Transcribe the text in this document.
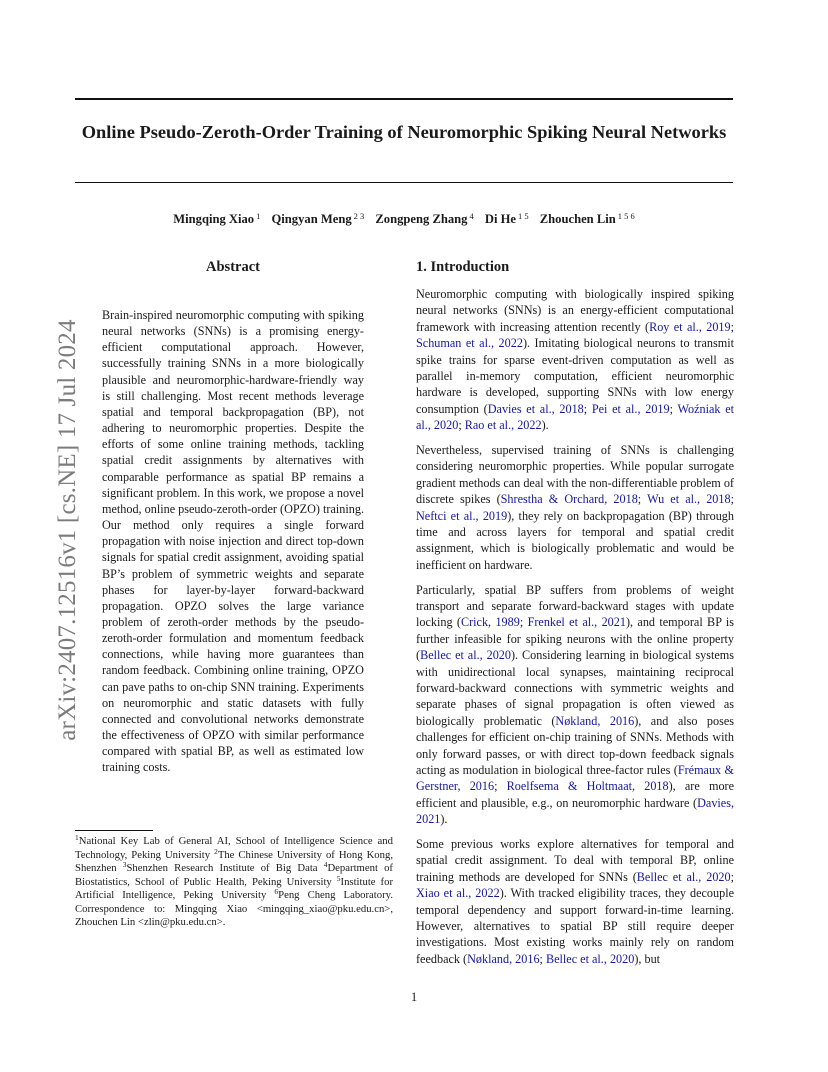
Online Pseudo-Zeroth-Order Training of Neuromorphic Spiking Neural Networks
Mingqing Xiao $^1$ Qingyan Meng $^{2 3}$ Zongpeng Zhang $^4$ Di He $^{1 5}$ Zhouchen Lin $^{1 5 6}$
arXiv:2407.12516v1 [cs.NE] 17 Jul 2024
Abstract

Brain-inspired neuromorphic computing with spiking neural networks (SNNs) is a promising energy-efficient computational approach. However, successfully training SNNs in a more biologically plausible and neuromorphic-hardware-friendly way is still challenging. Most recent methods leverage spatial and temporal backpropagation (BP), not adhering to neuromorphic properties. Despite the efforts of some online training methods, tackling spatial credit assignments by alternatives with comparable performance as spatial BP remains a significant problem. In this work, we propose a novel method, online pseudo-zeroth-order (OPZO) training. Our method only requires a single forward propagation with noise injection and direct top-down signals for spatial credit assignment, avoiding spatial BP’s problem of symmetric weights and separate phases for layer-by-layer forward-backward propagation. OPZO solves the large variance problem of zeroth-order methods by the pseudo-zeroth-order formulation and momentum feedback connections, while having more guarantees than random feedback. Combining online training, OPZO can pave paths to on-chip SNN training. Experiments on neuromorphic and static datasets with fully connected and convolutional networks demonstrate the effectiveness of OPZO with similar performance compared with spatial BP, as well as estimated low training costs.

$^1$National Key Lab of General AI, School of Intelligence Science and Technology, Peking University $^2$The Chinese University of Hong Kong, Shenzhen $^3$Shenzhen Research Institute of Big Data $^4$Department of Biostatistics, School of Public Health, Peking University $^5$Institute for Artificial Intelligence, Peking University $^6$Peng Cheng Laboratory. Correspondence to: Mingqing Xiao <mingqing_xiao@pku.edu.cn>, Zhouchen Lin <zlin@pku.edu.cn>.

1. Introduction

Neuromorphic computing with biologically inspired spiking neural networks (SNNs) is an energy-efficient computational framework with increasing attention recently (Roy et al., 2019; Schuman et al., 2022). Imitating biological neurons to transmit spike trains for sparse event-driven computation as well as parallel in-memory computation, efficient neuromorphic hardware is developed, supporting SNNs with low energy consumption (Davies et al., 2018; Pei et al., 2019; Woźniak et al., 2020; Rao et al., 2022).

Nevertheless, supervised training of SNNs is challenging considering neuromorphic properties. While popular surrogate gradient methods can deal with the non-differentiable problem of discrete spikes (Shrestha & Orchard, 2018; Wu et al., 2018; Neftci et al., 2019), they rely on backpropagation (BP) through time and across layers for temporal and spatial credit assignment, which is biologically problematic and would be inefficient on hardware.

Particularly, spatial BP suffers from problems of weight transport and separate forward-backward stages with update locking (Crick, 1989; Frenkel et al., 2021), and temporal BP is further infeasible for spiking neurons with the online property (Bellec et al., 2020). Considering learning in biological systems with unidirectional local synapses, maintaining reciprocal forward-backward connections with symmetric weights and separate phases of signal propagation is often viewed as biologically problematic (Nøkland, 2016), and also poses challenges for efficient on-chip training of SNNs. Methods with only forward passes, or with direct top-down feedback signals acting as modulation in biological three-factor rules (Frémaux & Gerstner, 2016; Roelfsema & Holtmaat, 2018), are more efficient and plausible, e.g., on neuromorphic hardware (Davies, 2021).

Some previous works explore alternatives for temporal and spatial credit assignment. To deal with temporal BP, online training methods are developed for SNNs (Bellec et al., 2020; Xiao et al., 2022). With tracked eligibility traces, they decouple temporal dependency and support forward-in-time learning. However, alternatives to spatial BP still require deeper investigations. Most existing works mainly rely on random feedback (Nøkland, 2016; Bellec et al., 2020), but

1
